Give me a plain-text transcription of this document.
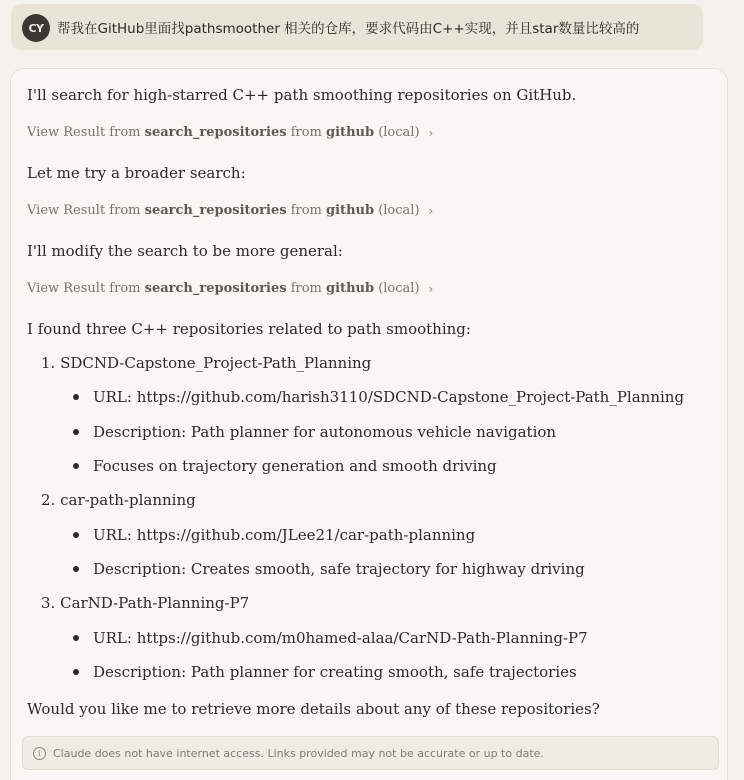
CY 帮我在GitHub里面找pathsmoother 相关的仓库，要求代码由C++实现，并且star数量比较高的
I'll search for high-starred C++ path smoothing repositories on GitHub.
View Result from
search_repositories
from
github
(local) ›
Let me try a broader search:
View Result from
search_repositories
from
github
(local) ›
I'll modify the search to be more general:
View Result from
search_repositories
from
github
(local) ›
I found three C++ repositories related to path smoothing:
1. SDCND-Capstone_Project-Path_Planning
URL: https://github.com/harish3110/SDCND-Capstone_Project-Path_Planning
Description: Path planner for autonomous vehicle navigation
Focuses on trajectory generation and smooth driving
2. car-path-planning
URL: https://github.com/JLee21/car-path-planning
Description: Creates smooth, safe trajectory for highway driving
3. CarND-Path-Planning-P7
URL: https://github.com/m0hamed-alaa/CarND-Path-Planning-P7
Description: Path planner for creating smooth, safe trajectories
Would you like me to retrieve more details about any of these repositories?
i	Claude does not have internet access. Links provided may not be accurate or up to date.
